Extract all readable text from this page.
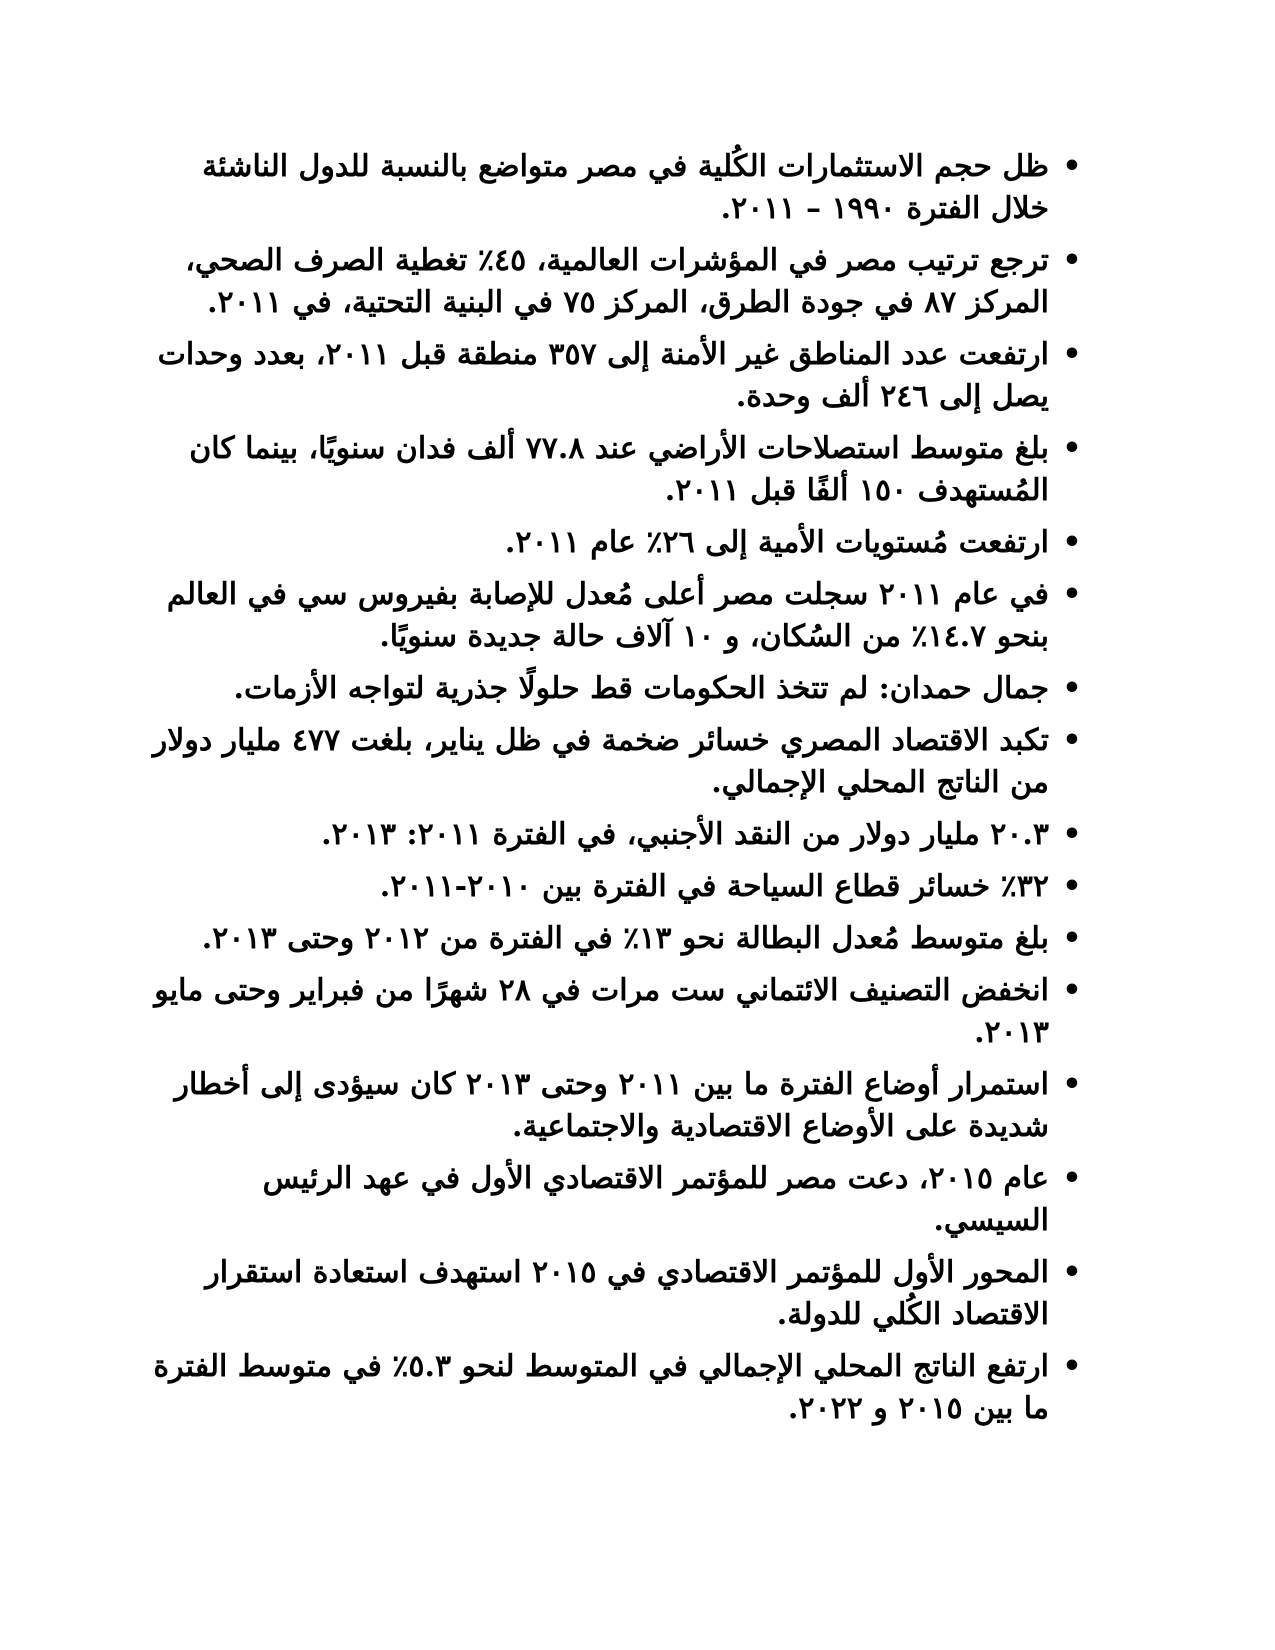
•
ظل حجم الاستثمارات الكُلية في مصر متواضع بالنسبة للدول الناشئة خلال الفترة ١٩٩٠ – ٢٠١١.
•
ترجع ترتيب مصر في المؤشرات العالمية، ٤٥٪ تغطية الصرف الصحي، المركز ٨٧ في جودة الطرق، المركز ٧٥ في البنية التحتية، في ٢٠١١.
•
ارتفعت عدد المناطق غير الأمنة إلى ٣٥٧ منطقة قبل ٢٠١١، بعدد وحدات يصل إلى ٢٤٦ ألف وحدة.
•
بلغ متوسط استصلاحات الأراضي عند ٧٧.٨ ألف فدان سنويًا، بينما كان المُستهدف ١٥٠ ألفًا قبل ٢٠١١.
•
ارتفعت مُستويات الأمية إلى ٢٦٪ عام ٢٠١١.
•
في عام ٢٠١١ سجلت مصر أعلى مُعدل للإصابة بفيروس سي في العالم بنحو ١٤.٧٪ من السُكان، و ١٠ آلاف حالة جديدة سنويًا.
•
جمال حمدان: لم تتخذ الحكومات قط حلولًا جذرية لتواجه الأزمات.
•
تكبد الاقتصاد المصري خسائر ضخمة في ظل يناير، بلغت ٤٧٧ مليار دولار من الناتج المحلي الإجمالي.
•
٢٠.٣ مليار دولار من النقد الأجنبي، في الفترة ٢٠١١: ٢٠١٣.
•
٣٢٪ خسائر قطاع السياحة في الفترة بين ٢٠١٠-٢٠١١.
•
بلغ متوسط مُعدل البطالة نحو ١٣٪ في الفترة من ٢٠١٢ وحتى ٢٠١٣.
•
انخفض التصنيف الائتماني ست مرات في ٢٨ شهرًا من فبراير وحتى مايو ٢٠١٣.
•
استمرار أوضاع الفترة ما بين ٢٠١١ وحتى ٢٠١٣ كان سيؤدى إلى أخطار شديدة على الأوضاع الاقتصادية والاجتماعية.
•
عام ٢٠١٥، دعت مصر للمؤتمر الاقتصادي الأول في عهد الرئيس السيسي.
•
المحور الأول للمؤتمر الاقتصادي في ٢٠١٥ استهدف استعادة استقرار الاقتصاد الكُلي للدولة.
•
ارتفع الناتج المحلي الإجمالي في المتوسط لنحو ٥.٣٪ في متوسط الفترة ما بين ٢٠١٥ و ٢٠٢٢.
